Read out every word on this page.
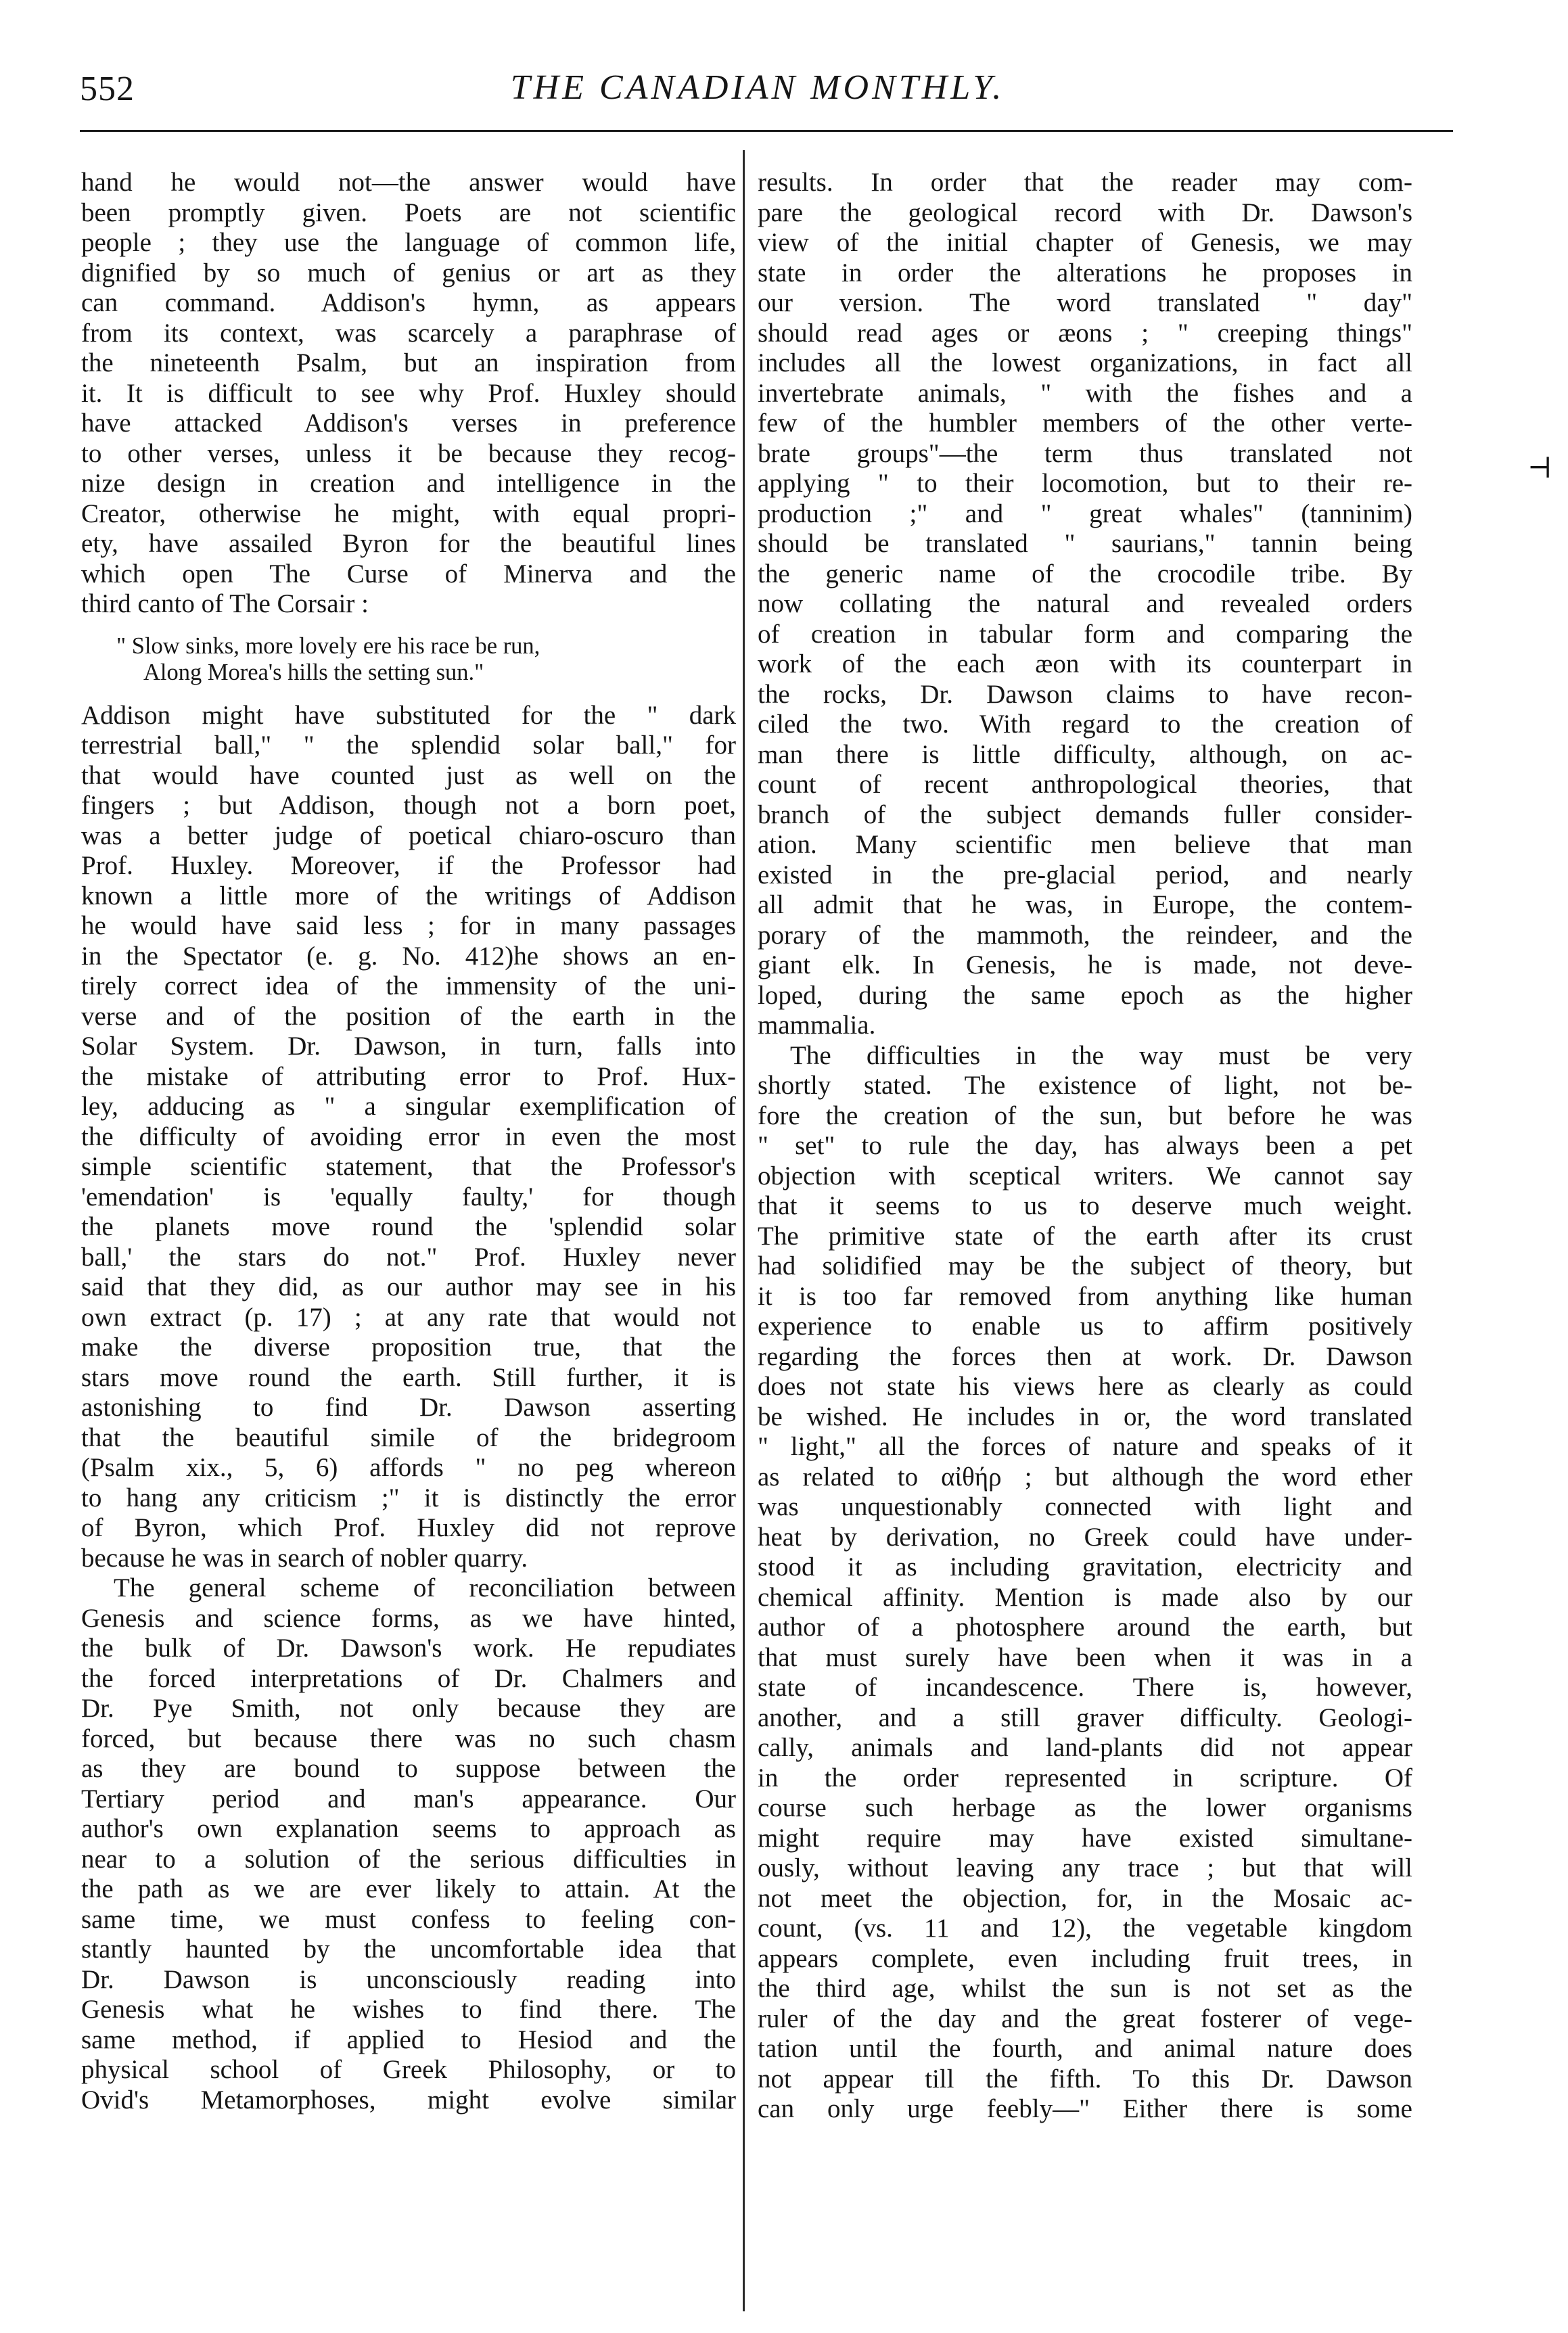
552	THE CANADIAN MONTHLY.
hand he would not—the answer would have
been promptly given. Poets are not scientific
people ; they use the language of common life,
dignified by so much of genius or art as they
can command. Addison's hymn, as appears
from its context, was scarcely a paraphrase of
the nineteenth Psalm, but an inspiration from
it. It is difficult to see why Prof. Huxley should
have attacked Addison's verses in preference
to other verses, unless it be because they recog-
nize design in creation and intelligence in the
Creator, otherwise he might, with equal propri-
ety, have assailed Byron for the beautiful lines
which open The Curse of Minerva and the
third canto of The Corsair :
" Slow sinks, more lovely ere his race be run,
Along Morea's hills the setting sun."
Addison might have substituted for the " dark
terrestrial ball," " the splendid solar ball," for
that would have counted just as well on the
fingers ; but Addison, though not a born poet,
was a better judge of poetical chiaro-oscuro than
Prof. Huxley. Moreover, if the Professor had
known a little more of the writings of Addison
he would have said less ; for in many passages
in the Spectator (e. g. No. 412)he shows an en-
tirely correct idea of the immensity of the uni-
verse and of the position of the earth in the
Solar System. Dr. Dawson, in turn, falls into
the mistake of attributing error to Prof. Hux-
ley, adducing as " a singular exemplification of
the difficulty of avoiding error in even the most
simple scientific statement, that the Professor's
'emendation' is 'equally faulty,' for though
the planets move round the 'splendid solar
ball,' the stars do not." Prof. Huxley never
said that they did, as our author may see in his
own extract (p. 17) ; at any rate that would not
make the diverse proposition true, that the
stars move round the earth. Still further, it is
astonishing to find Dr. Dawson asserting
that the beautiful simile of the bridegroom
(Psalm xix., 5, 6) affords " no peg whereon
to hang any criticism ;" it is distinctly the error
of Byron, which Prof. Huxley did not reprove
because he was in search of nobler quarry.
The general scheme of reconciliation between
Genesis and science forms, as we have hinted,
the bulk of Dr. Dawson's work. He repudiates
the forced interpretations of Dr. Chalmers and
Dr. Pye Smith, not only because they are
forced, but because there was no such chasm
as they are bound to suppose between the
Tertiary period and man's appearance. Our
author's own explanation seems to approach as
near to a solution of the serious difficulties in
the path as we are ever likely to attain. At the
same time, we must confess to feeling con-
stantly haunted by the uncomfortable idea that
Dr. Dawson is unconsciously reading into
Genesis what he wishes to find there. The
same method, if applied to Hesiod and the
physical school of Greek Philosophy, or to
Ovid's Metamorphoses, might evolve similar
results. In order that the reader may com-
pare the geological record with Dr. Dawson's
view of the initial chapter of Genesis, we may
state in order the alterations he proposes in
our version. The word translated " day"
should read ages or æons ; " creeping things"
includes all the lowest organizations, in fact all
invertebrate animals, " with the fishes and a
few of the humbler members of the other verte-
brate groups"—the term thus translated not
applying " to their locomotion, but to their re-
production ;" and " great whales" (tanninim)
should be translated " saurians," tannin being
the generic name of the crocodile tribe. By
now collating the natural and revealed orders
of creation in tabular form and comparing the
work of the each æon with its counterpart in
the rocks, Dr. Dawson claims to have recon-
ciled the two. With regard to the creation of
man there is little difficulty, although, on ac-
count of recent anthropological theories, that
branch of the subject demands fuller consider-
ation. Many scientific men believe that man
existed in the pre-glacial period, and nearly
all admit that he was, in Europe, the contem-
porary of the mammoth, the reindeer, and the
giant elk. In Genesis, he is made, not deve-
loped, during the same epoch as the higher
mammalia.
The difficulties in the way must be very
shortly stated. The existence of light, not be-
fore the creation of the sun, but before he was
" set" to rule the day, has always been a pet
objection with sceptical writers. We cannot say
that it seems to us to deserve much weight.
The primitive state of the earth after its crust
had solidified may be the subject of theory, but
it is too far removed from anything like human
experience to enable us to affirm positively
regarding the forces then at work. Dr. Dawson
does not state his views here as clearly as could
be wished. He includes in or, the word translated
" light," all the forces of nature and speaks of it
as related to αἰθήρ ; but although the word ether
was unquestionably connected with light and
heat by derivation, no Greek could have under-
stood it as including gravitation, electricity and
chemical affinity. Mention is made also by our
author of a photosphere around the earth, but
that must surely have been when it was in a
state of incandescence. There is, however,
another, and a still graver difficulty. Geologi-
cally, animals and land-plants did not appear
in the order represented in scripture. Of
course such herbage as the lower organisms
might require may have existed simultane-
ously, without leaving any trace ; but that will
not meet the objection, for, in the Mosaic ac-
count, (vs. 11 and 12), the vegetable kingdom
appears complete, even including fruit trees, in
the third age, whilst the sun is not set as the
ruler of the day and the great fosterer of vege-
tation until the fourth, and animal nature does
not appear till the fifth. To this Dr. Dawson
can only urge feebly—" Either there is some
⊣
